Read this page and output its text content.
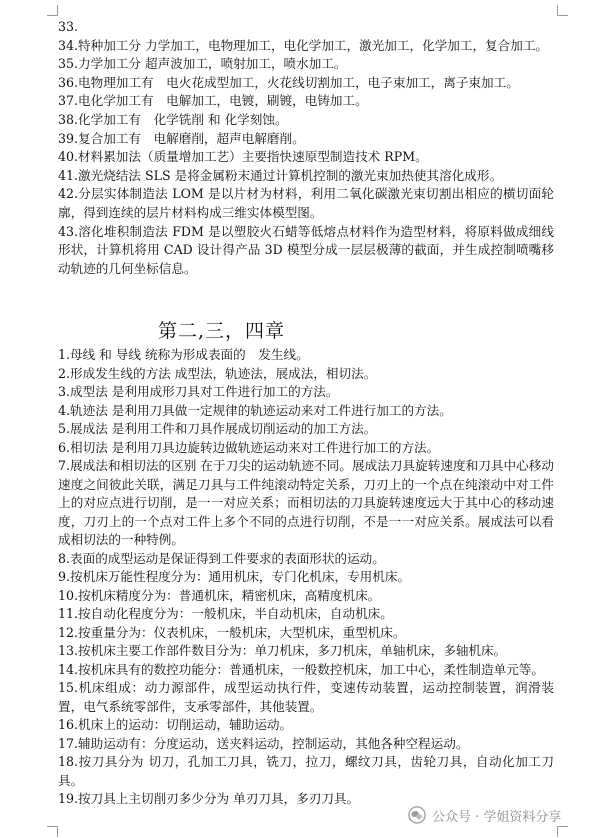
33.

34.特种加工分 力学加工，电物理加工，电化学加工，激光加工，化学加工，复合加工。

35.力学加工分 超声波加工，喷射加工，喷水加工。

36.电物理加工有　电火花成型加工，火花线切割加工，电子束加工，离子束加工。

37.电化学加工有　电解加工，电镀，刷镀，电铸加工。

38.化学加工有　化学铣削 和 化学刻蚀。

39.复合加工有　电解磨削，超声电解磨削。

40.材料累加法（质量增加工艺）主要指快速原型制造技术 RPM。

41.激光烧结法 SLS 是将金属粉末通过计算机控制的激光束加热使其溶化成形。

42.分层实体制造法 LOM 是以片材为材料，利用二氧化碳激光束切割出相应的横切面轮廓，得到连续的层片材料构成三维实体模型图。

43.溶化堆积制造法 FDM 是以塑胶火石蜡等低熔点材料作为造型材料，将原料做成细线形状，计算机将用 CAD 设计得产品 3D 模型分成一层层极薄的截面，并生成控制喷嘴移动轨迹的几何坐标信息。

第二,三，四章

1.母线 和 导线 统称为形成表面的　发生线。

2.形成发生线的方法 成型法，轨迹法，展成法，相切法。

3.成型法 是利用成形刀具对工件进行加工的方法。

4.轨迹法 是利用刀具做一定规律的轨迹运动来对工件进行加工的方法。

5.展成法 是利用工件和刀具作展成切削运动的加工方法。

6.相切法 是利用刀具边旋转边做轨迹运动来对工件进行加工的方法。

7.展成法和相切法的区别 在于刀尖的运动轨迹不同。展成法刀具旋转速度和刀具中心移动速度之间彼此关联，满足刀具与工件纯滚动特定关系，刀刃上的一个点在纯滚动中对工件上的对应点进行切削，是一一对应关系；而相切法的刀具旋转速度远大于其中心的移动速度，刀刃上的一个点对工件上多个不同的点进行切削，不是一一对应关系。展成法可以看成相切法的一种特例。

8.表面的成型运动是保证得到工件要求的表面形状的运动。

9.按机床万能性程度分为：通用机床，专门化机床，专用机床。

10.按机床精度分为：普通机床，精密机床，高精度机床。

11.按自动化程度分为：一般机床，半自动机床，自动机床。

12.按重量分为：仪表机床，一般机床，大型机床，重型机床。

13.按机床主要工作部件数目分为：单刀机床，多刀机床，单轴机床，多轴机床。

14.按机床具有的数控功能分：普通机床，一般数控机床，加工中心，柔性制造单元等。

15.机床组成：动力源部件，成型运动执行件，变速传动装置，运动控制装置，润滑装置，电气系统零部件，支承零部件，其他装置。

16.机床上的运动：切削运动，辅助运动。

17.辅助运动有：分度运动，送夹料运动，控制运动，其他各种空程运动。

18.按刀具分为 切刀，孔加工刀具，铣刀，拉刀，螺纹刀具，齿轮刀具，自动化加工刀具。

19.按刀具上主切削刃多少分为 单刃刀具，多刃刀具。

公众号 · 学姐资料分享
